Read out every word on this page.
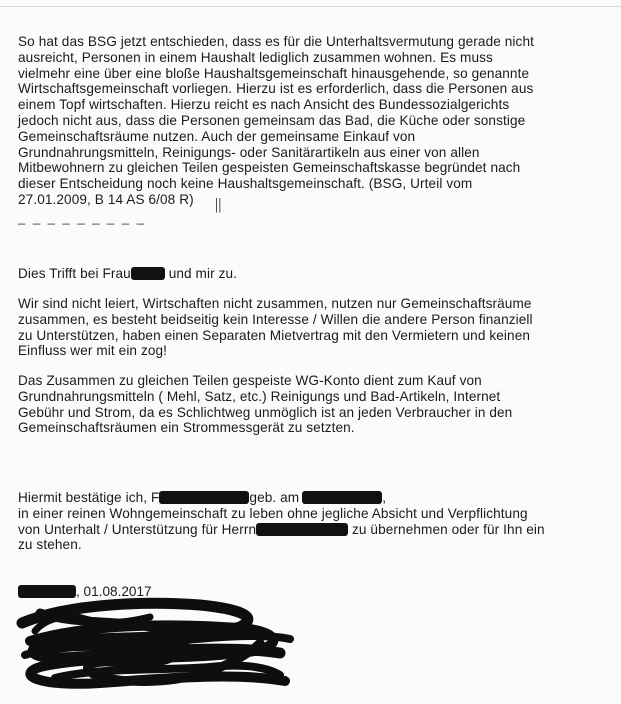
So hat das BSG jetzt entschieden, dass es für die Unterhaltsvermutung gerade nicht
ausreicht, Personen in einem Haushalt lediglich zusammen wohnen. Es muss
vielmehr eine über eine bloße Haushaltsgemeinschaft hinausgehende, so genannte
Wirtschaftsgemeinschaft vorliegen. Hierzu ist es erforderlich, dass die Personen aus
einem Topf wirtschaften. Hierzu reicht es nach Ansicht des Bundessozialgerichts
jedoch nicht aus, dass die Personen gemeinsam das Bad, die Küche oder sonstige
Gemeinschaftsräume nutzen. Auch der gemeinsame Einkauf von
Grundnahrungsmitteln, Reinigungs- oder Sanitärartikeln aus einer von allen
Mitbewohnern zu gleichen Teilen gespeisten Gemeinschaftskasse begründet nach
dieser Entscheidung noch keine Haushaltsgemeinschaft. (BSG, Urteil vom
27.01.2009, B 14 AS 6/08 R)
_ _ _ _ _ _ _ _ _
||
Dies Trifft bei Frau	und mir zu.
Wir sind nicht leiert, Wirtschaften nicht zusammen, nutzen nur Gemeinschaftsräume
zusammen, es besteht beidseitig kein Interesse / Willen die andere Person finanziell
zu Unterstützen, haben einen Separaten Mietvertrag mit den Vermietern und keinen
Einfluss wer mit ein zog!
Das Zusammen zu gleichen Teilen gespeiste WG-Konto dient zum Kauf von
Grundnahrungsmitteln ( Mehl, Satz, etc.) Reinigungs und Bad-Artikeln, Internet
Gebühr und Strom, da es Schlichtweg unmöglich ist an jeden Verbraucher in den
Gemeinschaftsräumen ein Strommessgerät zu setzten.
Hiermit bestätige ich, F	geb. am	,
in einer reinen Wohngemeinschaft zu leben ohne jegliche Absicht und Verpflichtung
von Unterhalt / Unterstützung für Herrn	zu übernehmen oder für Ihn ein
zu stehen.
, 01.08.2017
